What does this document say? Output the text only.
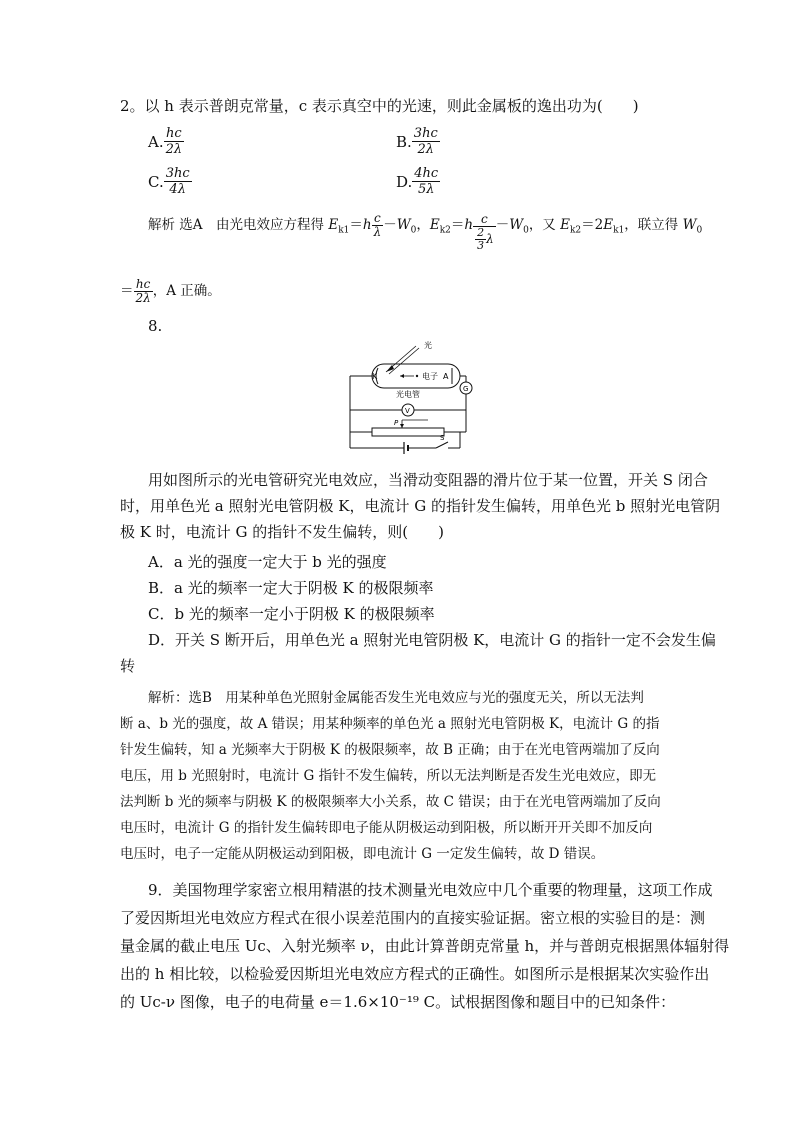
2。以 h 表示普朗克常量，c 表示真空中的光速，则此金属板的逸出功为(　　)
A. $\frac{hc}{2\lambda}$	B. $\frac{3hc}{2\lambda}$
C. $\frac{3hc}{4\lambda}$	D. $\frac{4hc}{5\lambda}$
解析 选A　由光电效应方程得 $E_{k1}=h \frac{c}{\lambda} -W_0$，$E_{k2}=h \frac{c}{\frac{2}{3} \lambda} -W_0$，又 $E_{k2}=2E_{k1}$，联立得 $W_0$
＝ $\frac{hc}{2\lambda}$ ，A 正确。
8.
光
K	A
电子
光电管
G
V
P
S
用如图所示的光电管研究光电效应，当滑动变阻器的滑片位于某一位置，开关 S 闭合
时，用单色光 a 照射光电管阴极 K，电流计 G 的指针发生偏转，用单色光 b 照射光电管阴
极 K 时，电流计 G 的指针不发生偏转，则(　　)
A．a 光的强度一定大于 b 光的强度
B．a 光的频率一定大于阴极 K 的极限频率
C．b 光的频率一定小于阴极 K 的极限频率
D．开关 S 断开后，用单色光 a 照射光电管阴极 K，电流计 G 的指针一定不会发生偏
转
解析：选B　用某种单色光照射金属能否发生光电效应与光的强度无关，所以无法判
断 a、b 光的强度，故 A 错误；用某种频率的单色光 a 照射光电管阴极 K，电流计 G 的指
针发生偏转，知 a 光频率大于阴极 K 的极限频率，故 B 正确；由于在光电管两端加了反向
电压，用 b 光照射时，电流计 G 指针不发生偏转，所以无法判断是否发生光电效应，即无
法判断 b 光的频率与阴极 K 的极限频率大小关系，故 C 错误；由于在光电管两端加了反向
电压时，电流计 G 的指针发生偏转即电子能从阴极运动到阳极，所以断开开关即不加反向
电压时，电子一定能从阴极运动到阳极，即电流计 G 一定发生偏转，故 D 错误。
9．美国物理学家密立根用精湛的技术测量光电效应中几个重要的物理量，这项工作成
了爱因斯坦光电效应方程式在很小误差范围内的直接实验证据。密立根的实验目的是：测
量金属的截止电压 Uc、入射光频率 ν，由此计算普朗克常量 h，并与普朗克根据黑体辐射得
出的 h 相比较，以检验爱因斯坦光电效应方程式的正确性。如图所示是根据某次实验作出
的 Uc-ν 图像，电子的电荷量 e＝1.6×10⁻¹⁹ C。试根据图像和题目中的已知条件：
